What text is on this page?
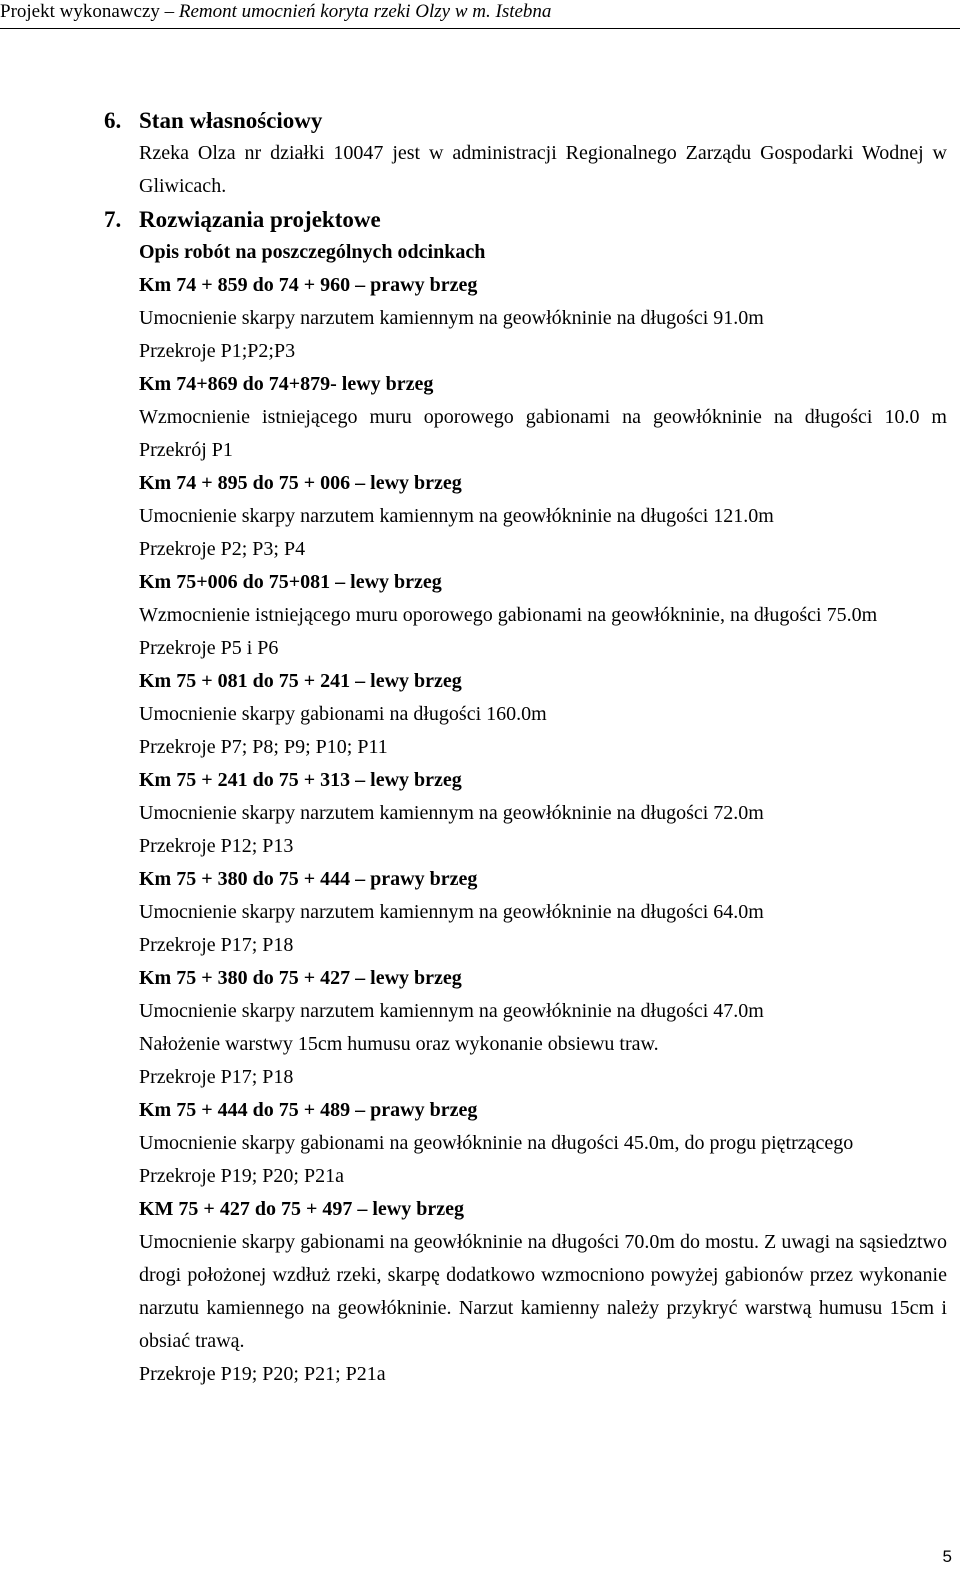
Projekt wykonawczy – Remont umocnień koryta rzeki Olzy w m. Istebna
6. Stan własnościowy
Rzeka Olza nr działki 10047 jest w administracji Regionalnego Zarządu Gospodarki Wodnej w Gliwicach.
7. Rozwiązania projektowe
Opis robót na poszczególnych odcinkach
Km 74 + 859 do 74 + 960 – prawy brzeg
Umocnienie skarpy narzutem kamiennym na geowłókninie na długości 91.0m
Przekroje P1;P2;P3
Km 74+869 do 74+879- lewy brzeg
Wzmocnienie istniejącego muru oporowego gabionami na geowłókninie na długości 10.0 m Przekrój P1
Km 74 + 895 do 75 + 006 – lewy brzeg
Umocnienie skarpy narzutem kamiennym na geowłókninie na długości 121.0m
Przekroje P2; P3; P4
Km 75+006 do 75+081 – lewy brzeg
Wzmocnienie istniejącego muru oporowego gabionami na geowłókninie, na długości 75.0m
Przekroje P5 i P6
Km 75 + 081 do 75 + 241 – lewy brzeg
Umocnienie skarpy gabionami na długości 160.0m
Przekroje P7; P8; P9; P10; P11
Km 75 + 241 do 75 + 313 – lewy brzeg
Umocnienie skarpy narzutem kamiennym na geowłókninie na długości 72.0m
Przekroje P12; P13
Km 75 + 380 do 75 + 444 – prawy brzeg
Umocnienie skarpy narzutem kamiennym na geowłókninie na długości 64.0m
Przekroje P17; P18
Km 75 + 380 do 75 + 427 – lewy brzeg
Umocnienie skarpy narzutem kamiennym na geowłókninie na długości 47.0m
Nałożenie warstwy 15cm humusu oraz wykonanie obsiewu traw.
Przekroje P17; P18
Km 75 + 444 do 75 + 489 – prawy brzeg
Umocnienie skarpy gabionami na geowłókninie na długości 45.0m, do progu piętrzącego
Przekroje P19; P20; P21a
KM 75 + 427 do 75 + 497 – lewy brzeg
Umocnienie skarpy gabionami na geowłókninie na długości 70.0m do mostu. Z uwagi na sąsiedztwo drogi położonej wzdłuż rzeki, skarpę dodatkowo wzmocniono powyżej gabionów przez wykonanie narzutu kamiennego na geowłókninie. Narzut kamienny należy przykryć warstwą humusu 15cm i obsiać trawą.
Przekroje P19; P20; P21; P21a
5
